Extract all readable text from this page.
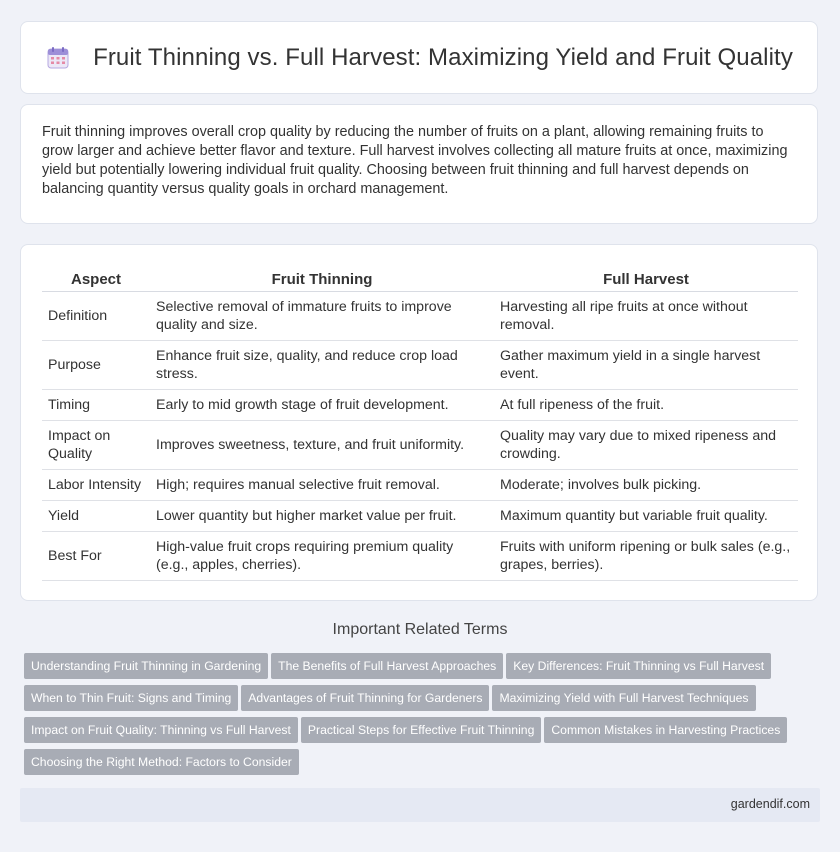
Fruit Thinning vs. Full Harvest: Maximizing Yield and Fruit Quality

Fruit thinning improves overall crop quality by reducing the number of fruits on a plant, allowing remaining fruits to grow larger and achieve better flavor and texture. Full harvest involves collecting all mature fruits at once, maximizing yield but potentially lowering individual fruit quality. Choosing between fruit thinning and full harvest depends on balancing quantity versus quality goals in orchard management.

Aspect	Fruit Thinning	Full Harvest
Definition	Selective removal of immature fruits to improve quality and size.	Harvesting all ripe fruits at once without removal.
Purpose	Enhance fruit size, quality, and reduce crop load stress.	Gather maximum yield in a single harvest event.
Timing	Early to mid growth stage of fruit development.	At full ripeness of the fruit.
Impact on Quality	Improves sweetness, texture, and fruit uniformity.	Quality may vary due to mixed ripeness and crowding.
Labor Intensity	High; requires manual selective fruit removal.	Moderate; involves bulk picking.
Yield	Lower quantity but higher market value per fruit.	Maximum quantity but variable fruit quality.
Best For	High-value fruit crops requiring premium quality (e.g., apples, cherries).	Fruits with uniform ripening or bulk sales (e.g., grapes, berries).
Important Related Terms
Understanding Fruit Thinning in Gardening The Benefits of Full Harvest Approaches Key Differences: Fruit Thinning vs Full HarvestWhen to Thin Fruit: Signs and Timing Advantages of Fruit Thinning for Gardeners Maximizing Yield with Full Harvest TechniquesImpact on Fruit Quality: Thinning vs Full Harvest Practical Steps for Effective Fruit Thinning Common Mistakes in Harvesting PracticesChoosing the Right Method: Factors to Consider
gardendif.com
